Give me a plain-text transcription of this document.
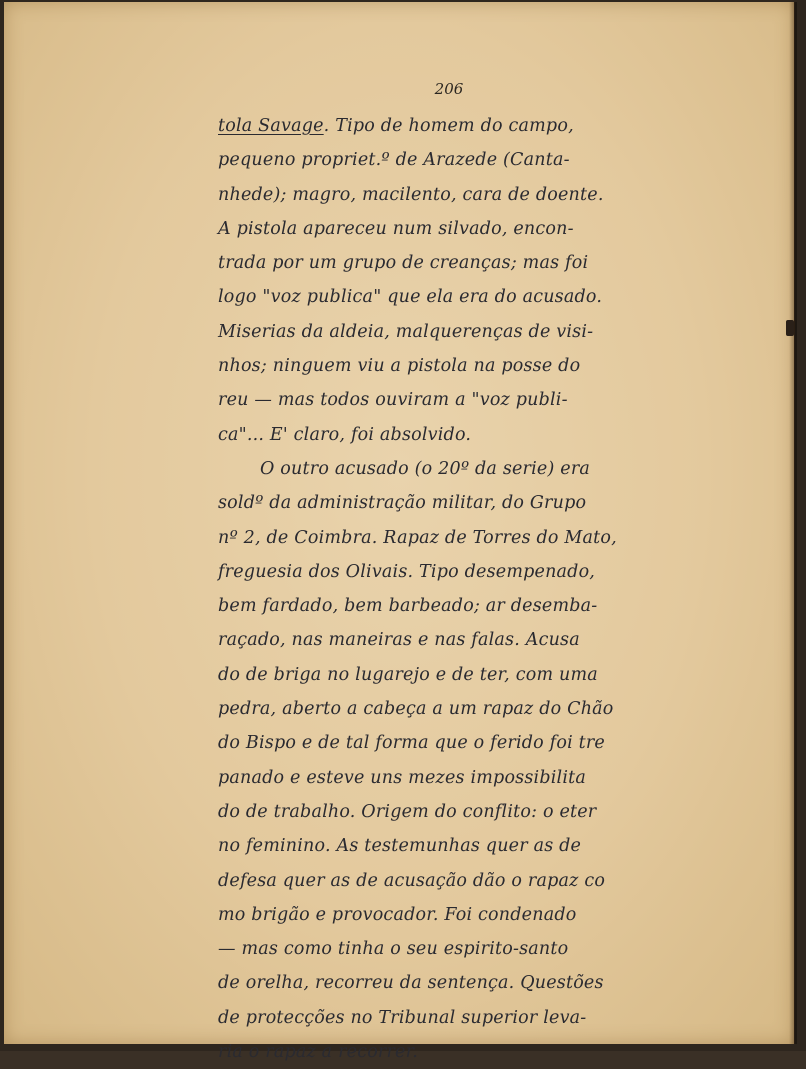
206
tola Savage. Tipo de homem do campo,
pequeno propriet.º de Arazede (Canta-
nhede); magro, macilento, cara de doente.
A pistola apareceu num silvado, encon-
trada por um grupo de creanças; mas foi
logo "voz publica" que ela era do acusado.
Miserias da aldeia, malquerenças de visi-
nhos; ninguem viu a pistola na posse do
reu — mas todos ouviram a "voz publi-
ca"... E' claro, foi absolvido.
O outro acusado (o 20º da serie) era
soldº da administração militar, do Grupo
nº 2, de Coimbra. Rapaz de Torres do Mato,
freguesia dos Olivais. Tipo desempenado,
bem fardado, bem barbeado; ar desemba-
raçado, nas maneiras e nas falas. Acusa
do de briga no lugarejo e de ter, com uma
pedra, aberto a cabeça a um rapaz do Chão
do Bispo e de tal forma que o ferido foi tre
panado e esteve uns mezes impossibilita
do de trabalho. Origem do conflito: o eter
no feminino. As testemunhas quer as de
defesa quer as de acusação dão o rapaz co
mo brigão e provocador. Foi condenado
— mas como tinha o seu espirito-santo
de orelha, recorreu da sentença. Questões
de protecções no Tribunal superior leva-
ria o rapaz a recorrer.
